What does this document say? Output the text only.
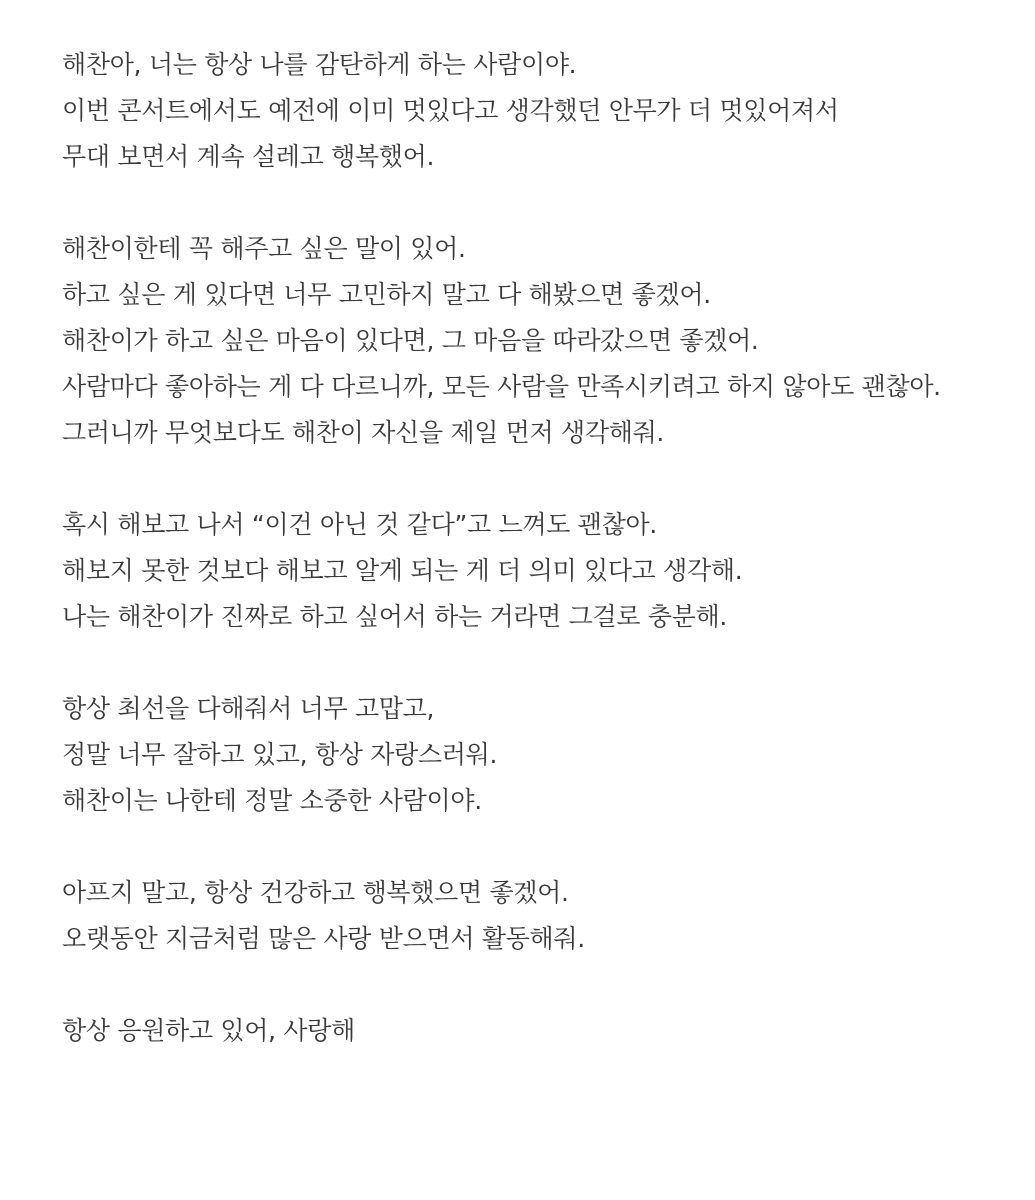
해찬아, 너는 항상 나를 감탄하게 하는 사람이야.
이번 콘서트에서도 예전에 이미 멋있다고 생각했던 안무가 더 멋있어져서
무대 보면서 계속 설레고 행복했어.

해찬이한테 꼭 해주고 싶은 말이 있어.
하고 싶은 게 있다면 너무 고민하지 말고 다 해봤으면 좋겠어.
해찬이가 하고 싶은 마음이 있다면, 그 마음을 따라갔으면 좋겠어.
사람마다 좋아하는 게 다 다르니까, 모든 사람을 만족시키려고 하지 않아도 괜찮아.
그러니까 무엇보다도 해찬이 자신을 제일 먼저 생각해줘.

혹시 해보고 나서 “이건 아닌 것 같다”고 느껴도 괜찮아.
해보지 못한 것보다 해보고 알게 되는 게 더 의미 있다고 생각해.
나는 해찬이가 진짜로 하고 싶어서 하는 거라면 그걸로 충분해.

항상 최선을 다해줘서 너무 고맙고,
정말 너무 잘하고 있고, 항상 자랑스러워.
해찬이는 나한테 정말 소중한 사람이야.

아프지 말고, 항상 건강하고 행복했으면 좋겠어.
오랫동안 지금처럼 많은 사랑 받으면서 활동해줘.

항상 응원하고 있어, 사랑해
